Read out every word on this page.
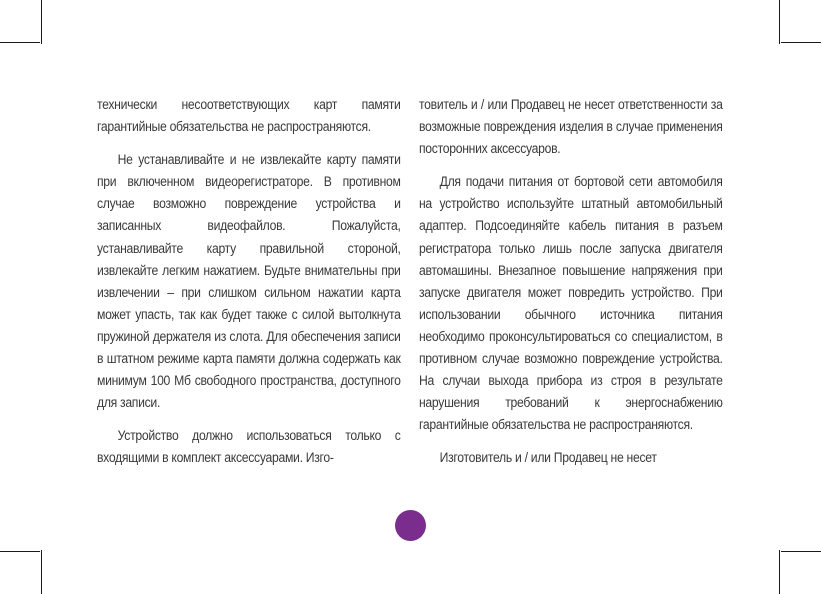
технически несоответствующих карт памяти гарантийные обязательства не распространяются.

Не устанавливайте и не извлекайте карту памяти при включенном видеорегистраторе. В противном случае возможно повреждение устройства и записанных видеофайлов. Пожалуйста, устанавливайте карту правильной стороной, извлекайте легким нажатием. Будьте внимательны при извлечении – при слишком сильном нажатии карта может упасть, так как будет также с силой вытолкнута пружиной держателя из слота. Для обеспечения записи в штатном режиме карта памяти должна содержать как минимум 100 Мб свободного пространства, доступного для записи.

Устройство должно использоваться только с входящими в комплект аксессуарами. Изго-

товитель и / или Продавец не несет ответственности за возможные повреждения изделия в случае применения посторонних аксессуаров.

Для подачи питания от бортовой сети автомобиля на устройство используйте штатный автомобильный адаптер. Подсоединяйте кабель питания в разъем регистратора только лишь после запуска двигателя автомашины. Внезапное повышение напряжения при запуске двигателя может повредить устройство. При использовании обычного источника питания необходимо проконсультироваться со специалистом, в противном случае возможно повреждение устройства. На случаи выхода прибора из строя в результате нарушения требований к энергоснабжению гарантийные обязательства не распространяются.

Изготовитель и / или Продавец не несет
